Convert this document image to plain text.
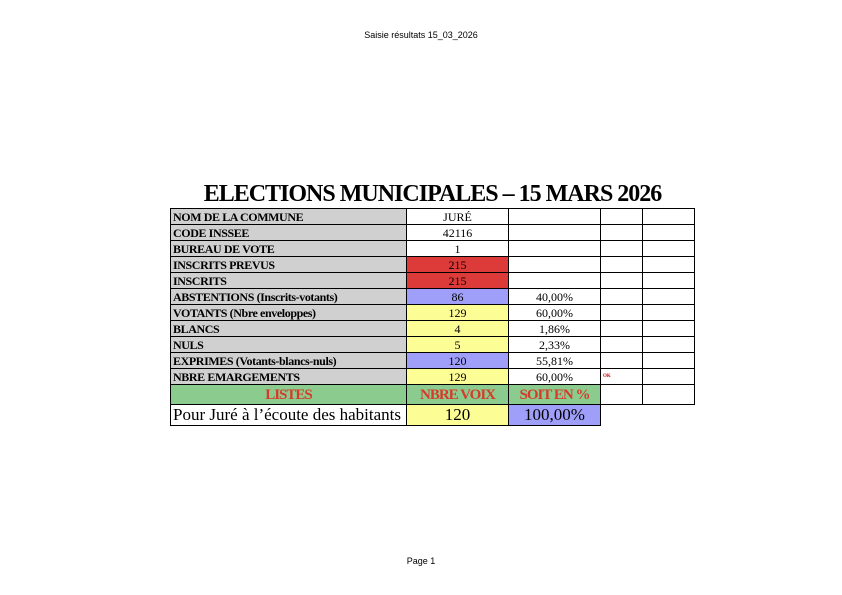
Saisie résultats 15_03_2026
ELECTIONS MUNICIPALES – 15 MARS 2026
NOM DE LA COMMUNE	JURÉ			
CODE INSSEE	42116			
BUREAU DE VOTE	1			
INSCRITS PREVUS	215			
INSCRITS	215			
ABSTENTIONS (Inscrits-votants)	86	40,00%		
VOTANTS (Nbre enveloppes)	129	60,00%		
BLANCS	4	1,86%		
NULS	5	2,33%		
EXPRIMES (Votants-blancs-nuls)	120	55,81%		
NBRE EMARGEMENTS	129	60,00%	OK	
LISTES	NBRE VOIX	SOIT EN %		
Pour Juré à l’écoute des habitants	120	100,00%		
Page 1
